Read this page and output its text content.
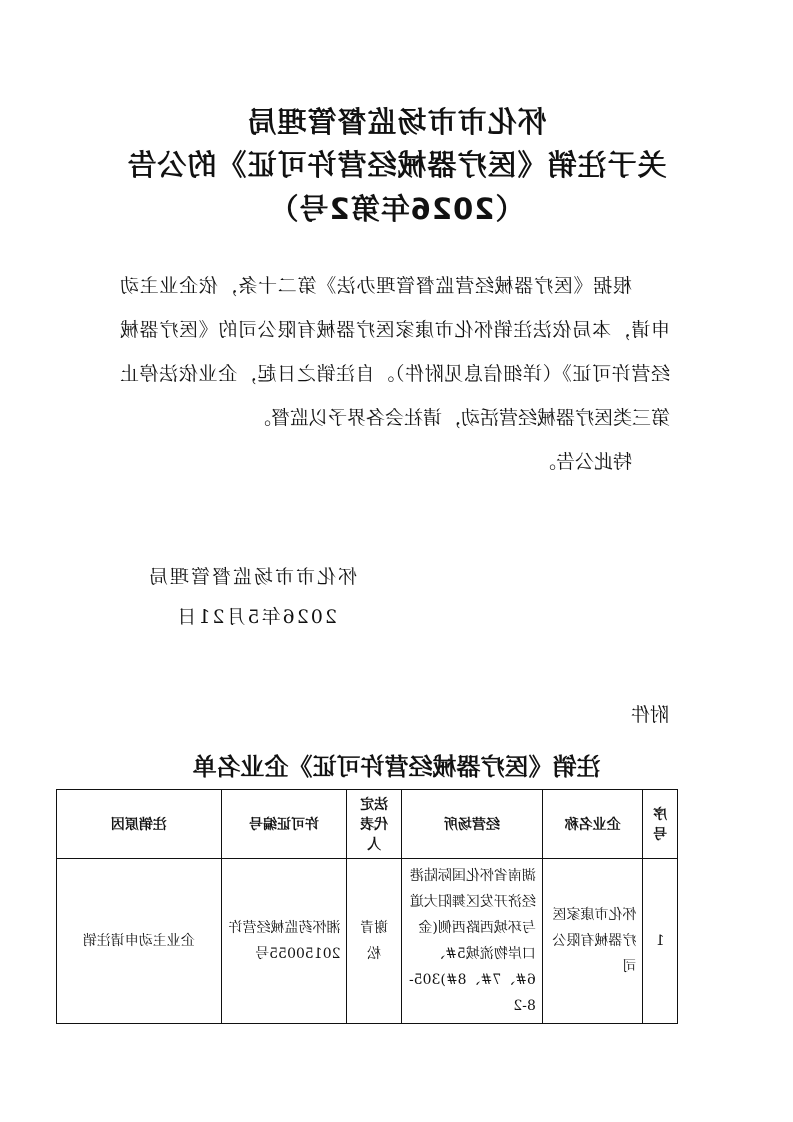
怀化市市场监督管理局
关于注销《医疗器械经营许可证》的公告
（2026年第2号）

根据《医疗器械经营监督管理办法》第二十条，依企业主动申请，本局依法注销怀化市康家医疗器械有限公司的《医疗器械经营许可证》（详细信息见附件）。自注销之日起，企业依法停止第三类医疗器械经营活动，请社会各界予以监督。

特此公告。

怀化市市场监督管理局
2026年5月21日
附件
注销《医疗器械经营许可证》企业名单
序号	企业名称	经营场所	法定代表人	许可证编号	注销原因
1	怀化市康家医疗器械有限公司	湖南省怀化国际陆港经济开发区舞阳大道与环城西路西侧(金口岸物流城5#、6#、7#、8#)305-8-2	谢青松	湘怀药监械经营许20150055号	企业主动申请注销
